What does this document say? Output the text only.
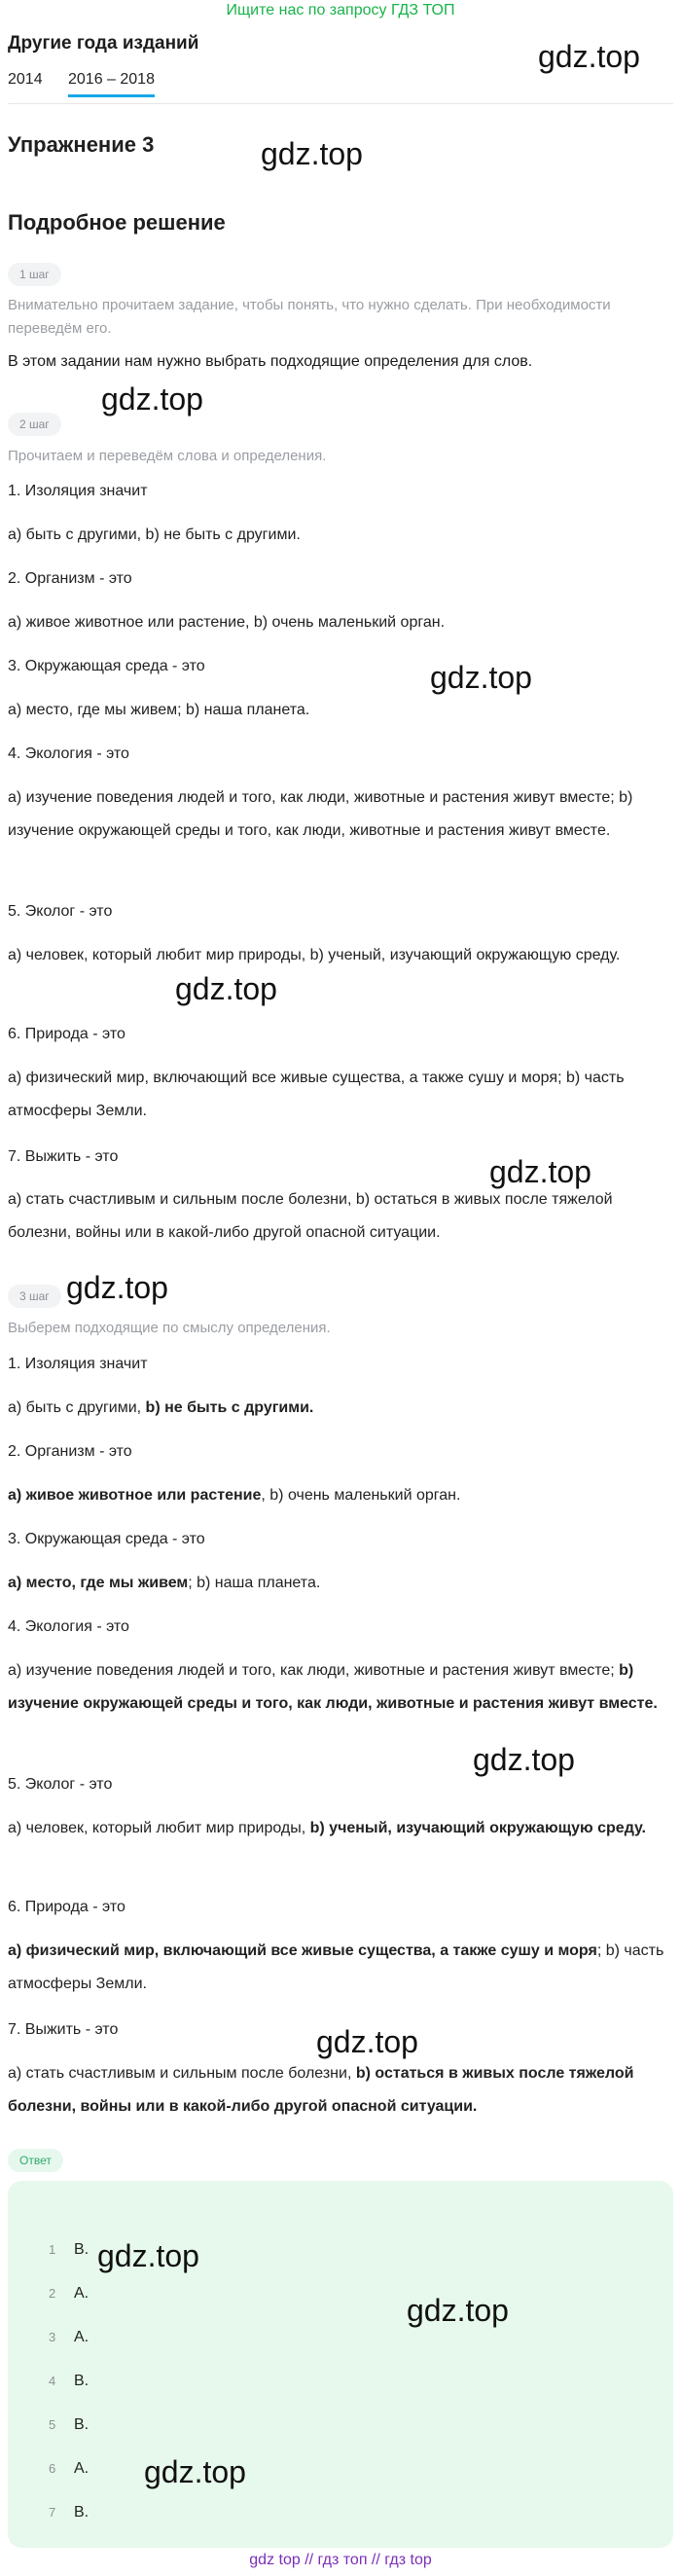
Ищите нас по запросу ГДЗ ТОП
Другие года изданий
2014 2016 – 2018
Упражнение 3
Подробное решение
1 шаг
Внимательно прочитаем задание, чтобы понять, что нужно сделать. При необходимости переведём его.
В этом задании нам нужно выбрать подходящие определения для слов.
2 шаг
Прочитаем и переведём слова и определения.
1. Изоляция значит
a) быть с другими, b) не быть с другими.
2. Организм - это
a) живое животное или растение, b) очень маленький орган.
3. Окружающая среда - это
a) место, где мы живем; b) наша планета.
4. Экология - это
a) изучение поведения людей и того, как люди, животные и растения живут вместе; b) изучение окружающей среды и того, как люди, животные и растения живут вместе.
5. Эколог - это
a) человек, который любит мир природы, b) ученый, изучающий окружающую среду.
6. Природа - это
a) физический мир, включающий все живые существа, а также сушу и моря; b) часть атмосферы Земли.
7. Выжить - это
a) стать счастливым и сильным после болезни, b) остаться в живых после тяжелой болезни, войны или в какой-либо другой опасной ситуации.
3 шаг
Выберем подходящие по смыслу определения.
1. Изоляция значит
a) быть с другими, b) не быть с другими.
2. Организм - это
a) живое животное или растение, b) очень маленький орган.
3. Окружающая среда - это
a) место, где мы живем; b) наша планета.
4. Экология - это
a) изучение поведения людей и того, как люди, животные и растения живут вместе; b) изучение окружающей среды и того, как люди, животные и растения живут вместе.
5. Эколог - это
a) человек, который любит мир природы, b) ученый, изучающий окружающую среду.
6. Природа - это
a) физический мир, включающий все живые существа, а также сушу и моря; b) часть атмосферы Земли.
7. Выжить - это
a) стать счастливым и сильным после болезни, b) остаться в живых после тяжелой болезни, войны или в какой-либо другой опасной ситуации.
Ответ
1 B.
2 A.
3 A.
4 B.
5 B.
6 A.
7 B.
gdz.top
gdz.top
gdz.top
gdz.top
gdz.top
gdz.top
gdz.top
gdz.top
gdz.top
gdz.top
gdz.top
gdz.top
gdz top // гдз топ // гдз top
